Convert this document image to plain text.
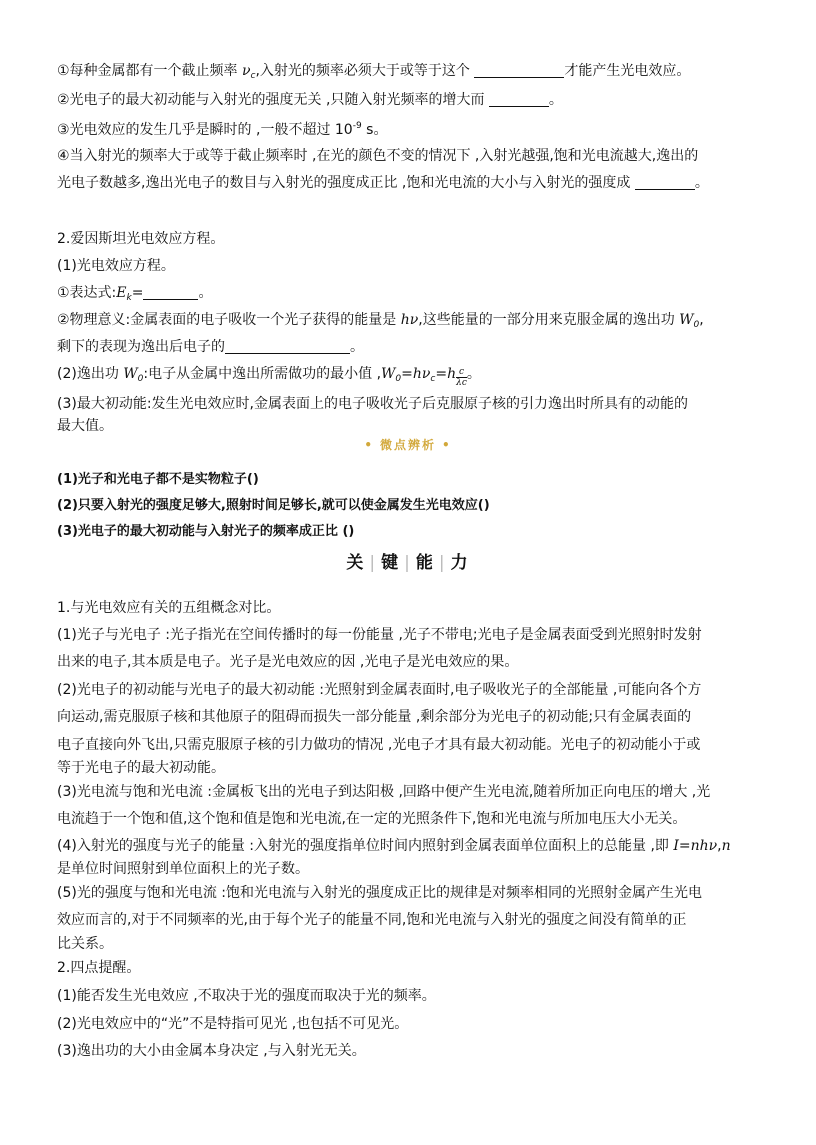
①每种金属都有一个截止频率 $\nu_c$,入射光的频率必须大于或等于这个	才能产生光电效应。
②光电子的最大初动能与入射光的强度无关 ,只随入射光频率的增大而	。
③光电效应的发生几乎是瞬时的 ,一般不超过 $10^{-9}$ s。
④当入射光的频率大于或等于截止频率时 ,在光的颜色不变的情况下 ,入射光越强,饱和光电流越大,逸出的
光电子数越多,逸出光电子的数目与入射光的强度成正比 ,饱和光电流的大小与入射光的强度成	。
2.爱因斯坦光电效应方程。
(1)光电效应方程。
①表达式$:E_k=$	。
②物理意义:金属表面的电子吸收一个光子获得的能量是 hν,这些能量的一部分用来克服金属的逸出功 $W_0$,
剩下的表现为逸出后电子的	。
(2)逸出功 $W_0$:电子从金属中逸出所需做功的最小值 $,W_0=h\nu_c=h \frac{c}{\lambda c}$ 。
(3)最大初动能:发生光电效应时,金属表面上的电子吸收光子后克服原子核的引力逸出时所具有的动能的
最大值。
• 微点辨析 •
(1)光子和光电子都不是实物粒子()
(2)只要入射光的强度足够大,照射时间足够长,就可以使金属发生光电效应()
(3)光电子的最大初动能与入射光子的频率成正比 ()
关 | 键 | 能 | 力
1.与光电效应有关的五组概念对比。
(1)光子与光电子 :光子指光在空间传播时的每一份能量 ,光子不带电;光电子是金属表面受到光照射时发射
出来的电子,其本质是电子。光子是光电效应的因 ,光电子是光电效应的果。
(2)光电子的初动能与光电子的最大初动能 :光照射到金属表面时,电子吸收光子的全部能量 ,可能向各个方
向运动,需克服原子核和其他原子的阻碍而损失一部分能量 ,剩余部分为光电子的初动能;只有金属表面的
电子直接向外飞出,只需克服原子核的引力做功的情况 ,光电子才具有最大初动能。光电子的初动能小于或
等于光电子的最大初动能。
(3)光电流与饱和光电流 :金属板飞出的光电子到达阳极 ,回路中便产生光电流,随着所加正向电压的增大 ,光
电流趋于一个饱和值,这个饱和值是饱和光电流,在一定的光照条件下,饱和光电流与所加电压大小无关。
(4)入射光的强度与光子的能量 :入射光的强度指单位时间内照射到金属表面单位面积上的总能量 ,即 I=nhν,n
是单位时间照射到单位面积上的光子数。
(5)光的强度与饱和光电流 :饱和光电流与入射光的强度成正比的规律是对频率相同的光照射金属产生光电
效应而言的,对于不同频率的光,由于每个光子的能量不同,饱和光电流与入射光的强度之间没有简单的正
比关系。
2.四点提醒。
(1)能否发生光电效应 ,不取决于光的强度而取决于光的频率。
(2)光电效应中的“光”不是特指可见光 ,也包括不可见光。
(3)逸出功的大小由金属本身决定 ,与入射光无关。
